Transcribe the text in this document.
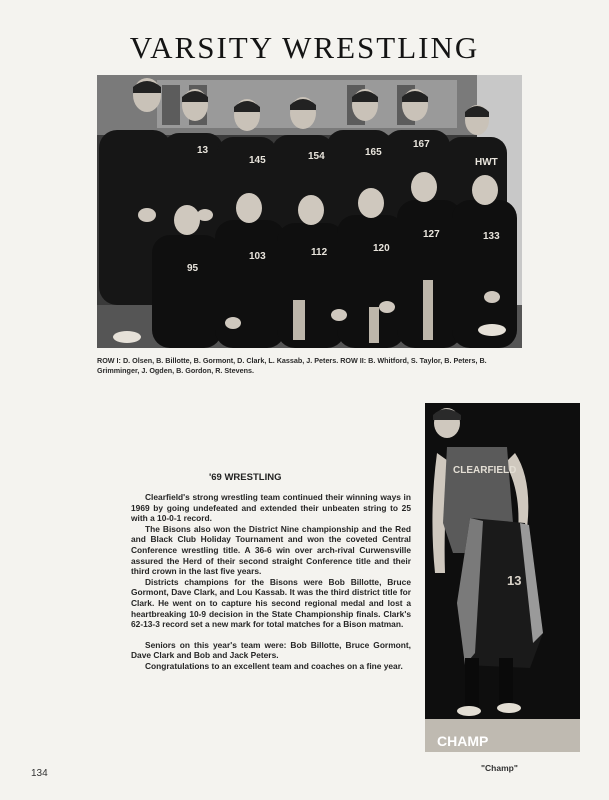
VARSITY WRESTLING
13
145	154	165
167
HWT
95
103	112	120
127	133
ROW I: D. Olsen, B. Billotte, B. Gormont, D. Clark, L. Kassab, J. Peters. ROW II: B. Whitford, S. Taylor, B. Peters, B. Grimminger, J. Ogden, B. Gordon, R. Stevens.
'69 WRESTLING

Clearfield's strong wrestling team continued their winning ways in 1969 by going undefeated and extended their unbeaten string to 25 with a 10-0-1 record.

The Bisons also won the District Nine championship and the Red and Black Club Holiday Tournament and won the coveted Central Conference wrestling title. A 36-6 win over arch-rival Curwensville assured the Herd of their second straight Conference title and their third crown in the last five years.

Districts champions for the Bisons were Bob Billotte, Bruce Gormont, Dave Clark, and Lou Kassab. It was the third district title for Clark. He went on to capture his second regional medal and lost a heartbreaking 10-9 decision in the State Championship finals. Clark's 62-13-3 record set a new mark for total matches for a Bison matman.

Seniors on this year's team were: Bob Billotte, Bruce Gormont, Dave Clark and Bob and Jack Peters.

Congratulations to an excellent team and coaches on a fine year.

CLEARFIELD
13
CHAMP
134	"Champ"
